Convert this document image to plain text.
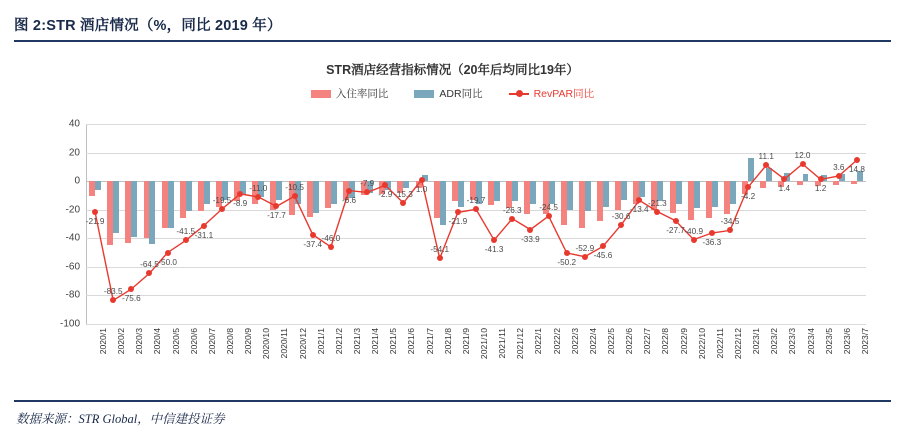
图 2:STR 酒店情况（%，同比 2019 年）
STR酒店经营指标情况（20年后均同比19年）
入住率同比	ADR同比	RevPAR同比
40
20
0
-20
-40
-60
-80
-100
-21.9
-83.5
-75.6
-64.5 -50.0
-41.5 -31.1
-19.5 -8.9
-11.0
-17.7
-10.5
-37.4
-46.0
-6.6
-7.9
-2.9 -15.3
1.0
-54.1
-21.9
-19.7
-41.3
-26.3
-33.9
-24.5
-50.2
-52.9
-45.6
-30.6
-13.4
-21.3
-27.7 -40.9
-36.3
-34.5
-4.2
11.1
1.4
12.0
1.2
3.6 14.8
2020/1 2020/2 2020/3 2020/4 2020/5 2020/6 2020/7 2020/8 2020/9 2020/10 2020/11 2020/12 2021/1 2021/2 2021/3 2021/4 2021/5 2021/6 2021/7 2021/8 2021/9 2021/10 2021/11 2021/12 2022/1 2022/2 2022/3 2022/4 2022/5 2022/6 2022/7 2022/8 2022/9 2022/10 2022/11 2022/12 2023/1 2023/2 2023/3 2023/4 2023/5 2023/6 2023/7
数据来源：STR Global，中信建投证券
